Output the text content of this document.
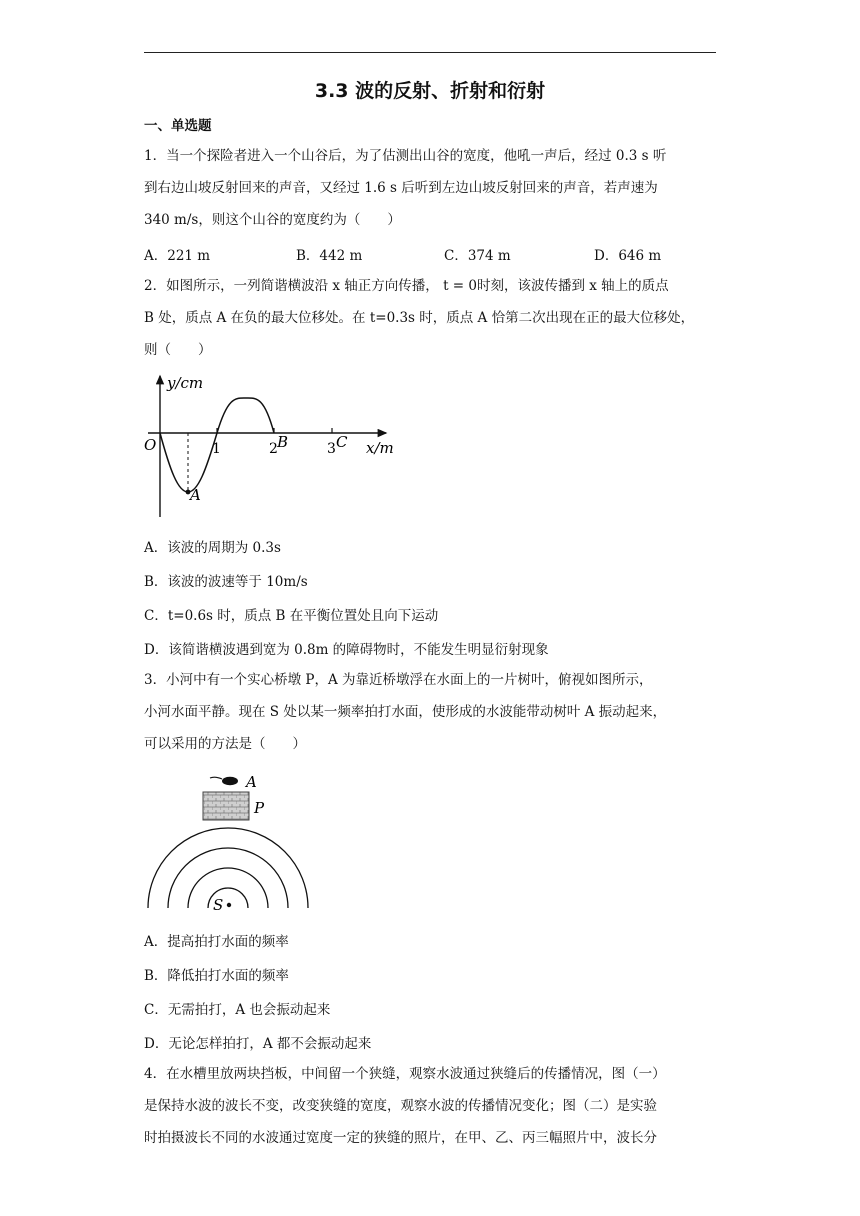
3.3 波的反射、折射和衍射
一、单选题
1．当一个探险者进入一个山谷后，为了估测出山谷的宽度，他吼一声后，经过 0.3 s 听
到右边山坡反射回来的声音，又经过 1.6 s 后听到左边山坡反射回来的声音，若声速为
340 m/s，则这个山谷的宽度约为（　　）
A．221 m	B．442 m	C．374 m	D．646 m
2．如图所示，一列简谐横波沿 x 轴正方向传播， t = 0时刻，该波传播到 x 轴上的质点
B 处，质点 A 在负的最大位移处。在 t=0.3s 时，质点 A 恰第二次出现在正的最大位移处，
则（　　）
y/cm
x/m
O	1	2	3
A
B	C
A．该波的周期为 0.3s
B．该波的波速等于 10m/s
C．t=0.6s 时，质点 B 在平衡位置处且向下运动
D．该简谐横波遇到宽为 0.8m 的障碍物时，不能发生明显衍射现象
3．小河中有一个实心桥墩 P，A 为靠近桥墩浮在水面上的一片树叶，俯视如图所示，
小河水面平静。现在 S 处以某一频率拍打水面，使形成的水波能带动树叶 A 振动起来，
可以采用的方法是（　　）
A
P
S
A．提高拍打水面的频率
B．降低拍打水面的频率
C．无需拍打，A 也会振动起来
D．无论怎样拍打，A 都不会振动起来
4．在水槽里放两块挡板，中间留一个狭缝，观察水波通过狭缝后的传播情况，图（一）
是保持水波的波长不变，改变狭缝的宽度，观察水波的传播情况变化；图（二）是实验
时拍摄波长不同的水波通过宽度一定的狭缝的照片，在甲、乙、丙三幅照片中，波长分
